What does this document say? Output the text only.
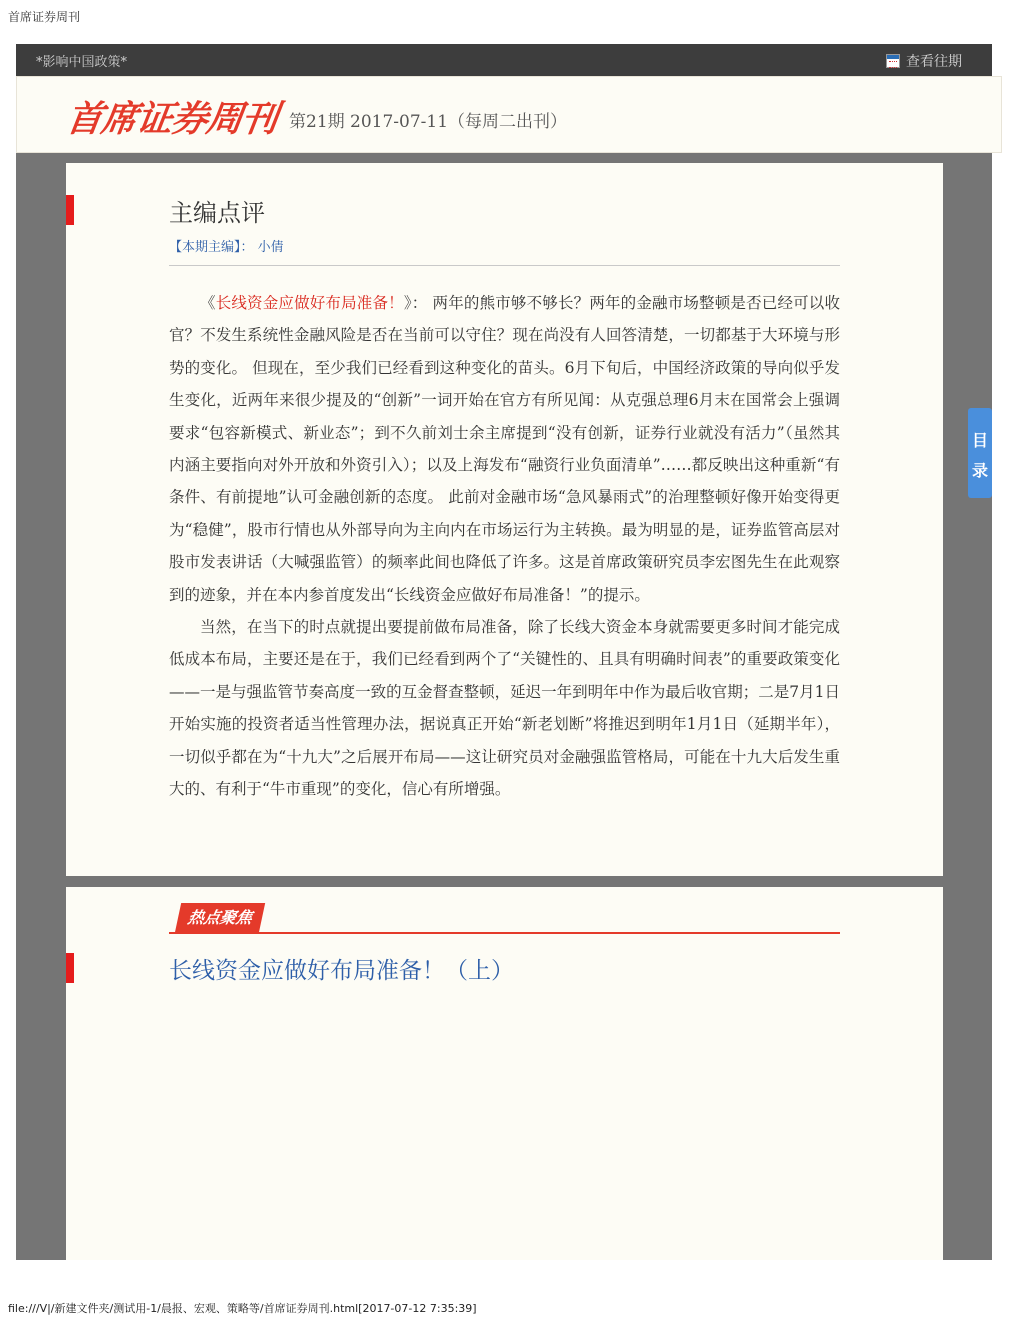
首席证券周刊
*影响中国政策*	查看往期
首席证券周刊 第21期 2017-07-11（每周二出刊）
主编点评
【本期主编】： 小倩

《长线资金应做好布局准备！》： 两年的熊市够不够长？两年的金融市场整顿是否已经可以收官？不发生系统性金融风险是否在当前可以守住？现在尚没有人回答清楚，一切都基于大环境与形势的变化。 但现在，至少我们已经看到这种变化的苗头。6月下旬后，中国经济政策的导向似乎发生变化，近两年来很少提及的“创新”一词开始在官方有所见闻：从克强总理6月末在国常会上强调要求“包容新模式、新业态”；到不久前刘士余主席提到“没有创新，证券行业就没有活力”（虽然其内涵主要指向对外开放和外资引入）；以及上海发布“融资行业负面清单”……都反映出这种重新“有条件、有前提地”认可金融创新的态度。 此前对金融市场“急风暴雨式”的治理整顿好像开始变得更为“稳健”，股市行情也从外部导向为主向内在市场运行为主转换。最为明显的是，证券监管高层对股市发表讲话（大喊强监管）的频率此间也降低了许多。这是首席政策研究员李宏图先生在此观察到的迹象，并在本内参首度发出“长线资金应做好布局准备！”的提示。

当然，在当下的时点就提出要提前做布局准备，除了长线大资金本身就需要更多时间才能完成低成本布局，主要还是在于，我们已经看到两个了“关键性的、且具有明确时间表”的重要政策变化——一是与强监管节奏高度一致的互金督查整顿，延迟一年到明年中作为最后收官期；二是7月1日开始实施的投资者适当性管理办法，据说真正开始“新老划断”将推迟到明年1月1日（延期半年），一切似乎都在为“十九大”之后展开布局——这让研究员对金融强监管格局，可能在十九大后发生重大的、有利于“牛市重现”的变化，信心有所增强。

热点聚焦
长线资金应做好布局准备！（上）
目
录
file:///V|/新建文件夹/测试用-1/晨报、宏观、策略等/首席证券周刊.html[2017-07-12 7:35:39]
